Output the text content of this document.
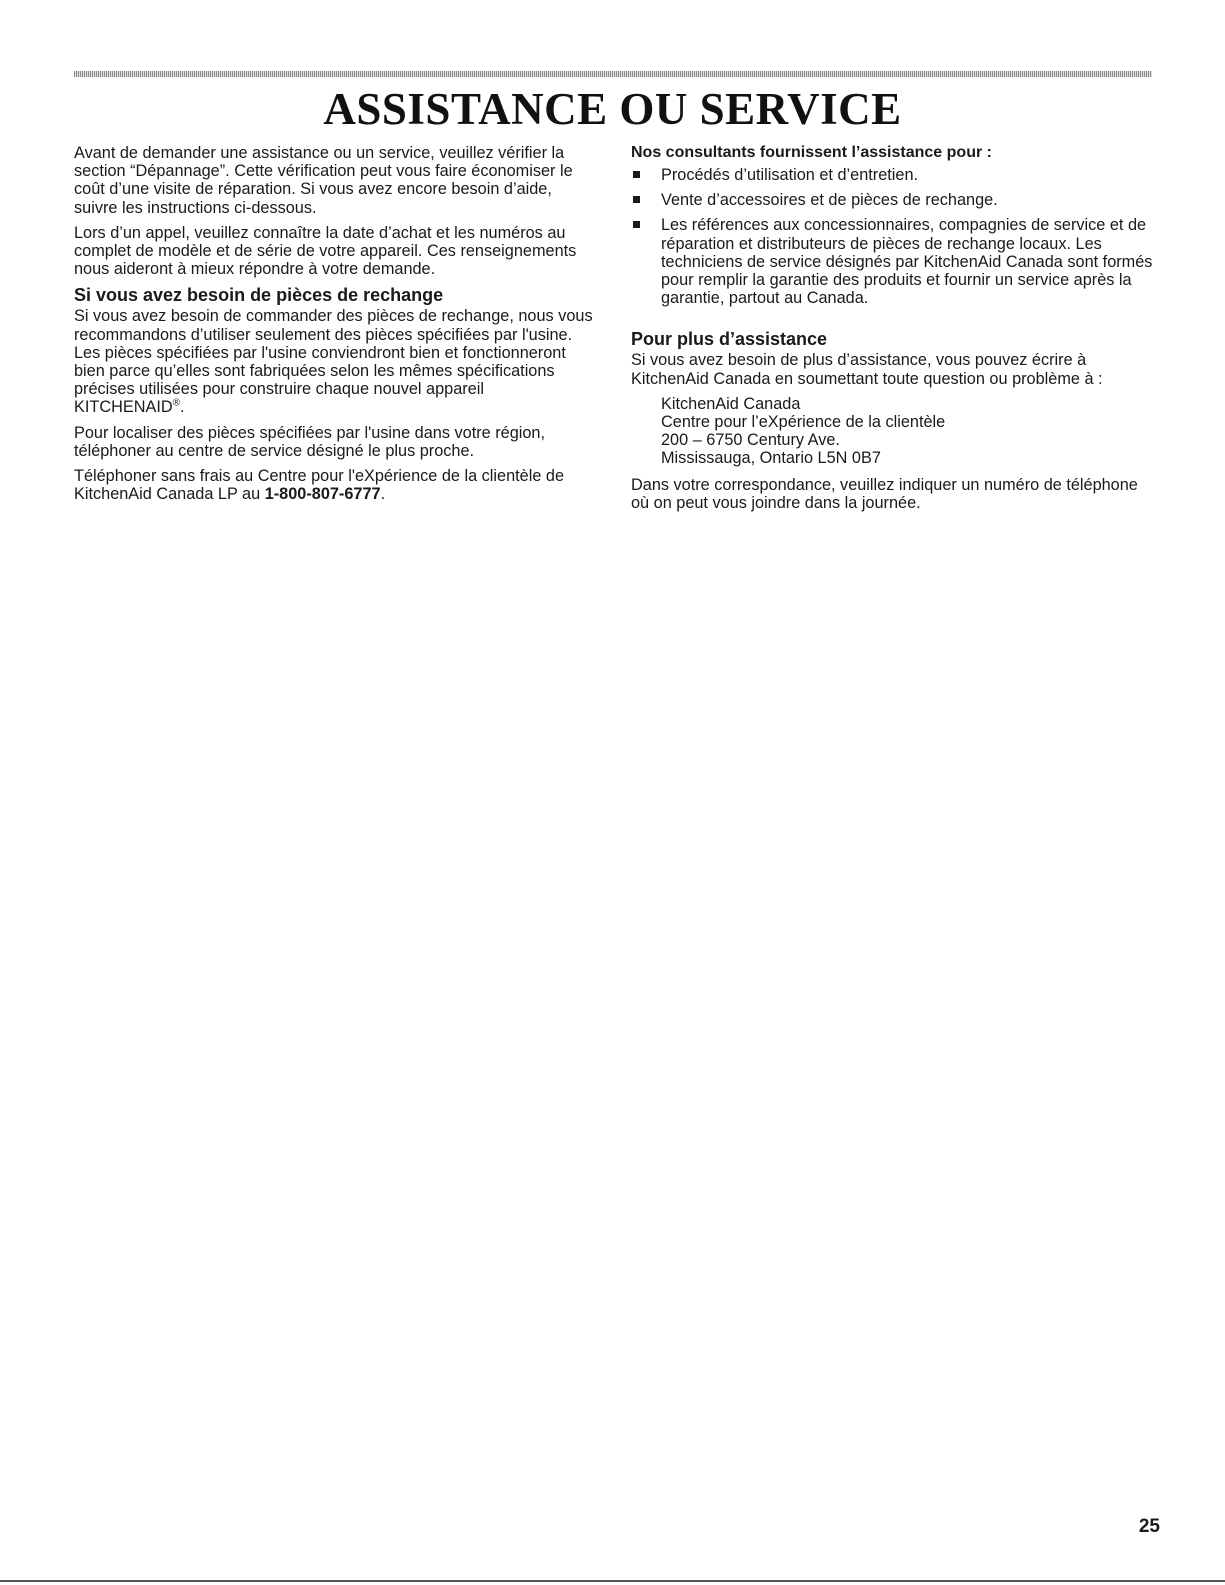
ASSISTANCE OU SERVICE

Avant de demander une assistance ou un service, veuillez vérifier la section “Dépannage”. Cette vérification peut vous faire économiser le coût d’une visite de réparation. Si vous avez encore besoin d’aide, suivre les instructions ci-dessous.

Lors d’un appel, veuillez connaître la date d’achat et les numéros au complet de modèle et de série de votre appareil. Ces renseignements nous aideront à mieux répondre à votre demande.

Si vous avez besoin de pièces de rechange

Si vous avez besoin de commander des pièces de rechange, nous vous recommandons d’utiliser seulement des pièces spécifiées par l'usine. Les pièces spécifiées par l'usine conviendront bien et fonctionneront bien parce qu’elles sont fabriquées selon les mêmes spécifications précises utilisées pour construire chaque nouvel appareil KITCHENAID®.

Pour localiser des pièces spécifiées par l'usine dans votre région, téléphoner au centre de service désigné le plus proche.

Téléphoner sans frais au Centre pour l'eXpérience de la clientèle de KitchenAid Canada LP au 1-800-807-6777.

Nos consultants fournissent l’assistance pour :
Procédés d’utilisation et d’entretien.
Vente d’accessoires et de pièces de rechange.
Les références aux concessionnaires, compagnies de service et de réparation et distributeurs de pièces de rechange locaux. Les techniciens de service désignés par KitchenAid Canada sont formés pour remplir la garantie des produits et fournir un service après la garantie, partout au Canada.
Pour plus d’assistance

Si vous avez besoin de plus d’assistance, vous pouvez écrire à KitchenAid Canada en soumettant toute question ou problème à :

KitchenAid Canada
Centre pour l’eXpérience de la clientèle
200 – 6750 Century Ave.
Mississauga, Ontario L5N 0B7

Dans votre correspondance, veuillez indiquer un numéro de téléphone où on peut vous joindre dans la journée.

25
